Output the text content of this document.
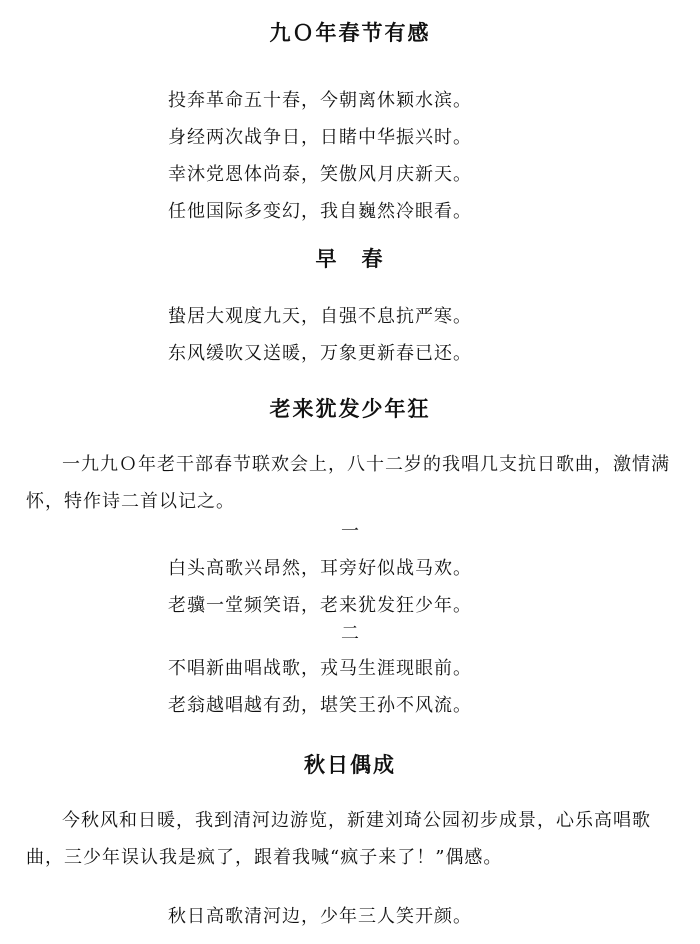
九Ｏ年春节有感
投奔革命五十春，今朝离休颖水滨。
身经两次战争日，日睹中华振兴时。
幸沐党恩体尚泰，笑傲风月庆新天。
任他国际多变幻，我自巍然冷眼看。
早　春
蛰居大观度九天，自强不息抗严寒。
东风缓吹又送暖，万象更新春已还。
老来犹发少年狂
一九九Ｏ年老干部春节联欢会上，八十二岁的我唱几支抗日歌曲，激情满怀，特作诗二首以记之。
一
白头高歌兴昂然，耳旁好似战马欢。
老骥一堂频笑语，老来犹发狂少年。
二
不唱新曲唱战歌，戎马生涯现眼前。
老翁越唱越有劲，堪笑王孙不风流。
秋日偶成
今秋风和日暖，我到清河边游览，新建刘琦公园初步成景，心乐高唱歌曲，三少年误认我是疯了，跟着我喊“疯子来了！”偶感。
秋日高歌清河边，少年三人笑开颜。
